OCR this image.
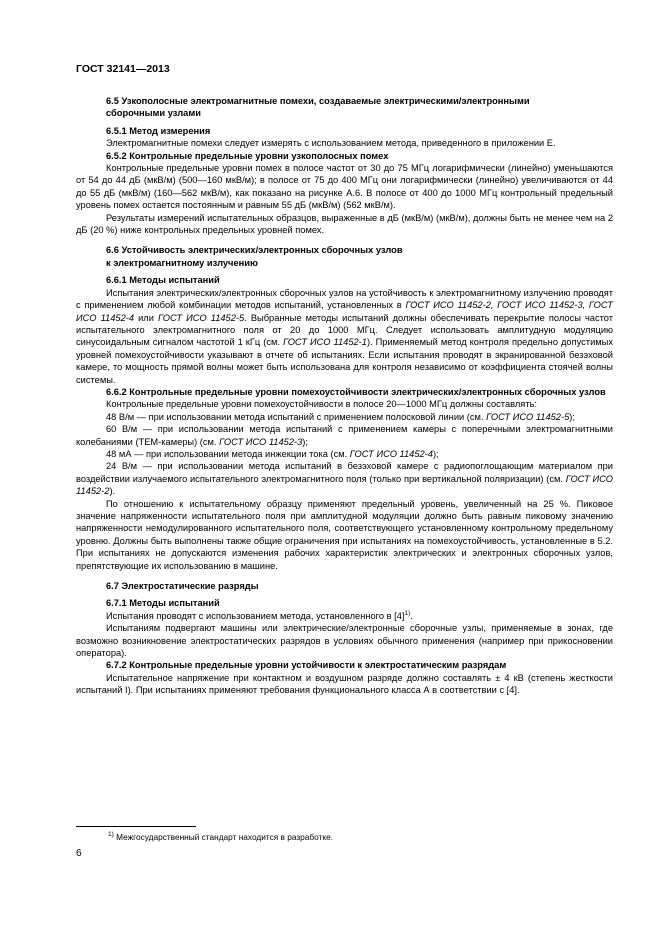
ГОСТ 32141—2013
6.5 Узкополосные электромагнитные помехи, создаваемые электрическими/электронными
сборочными узлами
6.5.1 Метод измерения

Электромагнитные помехи следует измерять с использованием метода, приведенного в приложении Е.

6.5.2 Контрольные предельные уровни узкополосных помех

Контрольные предельные уровни помех в полосе частот от 30 до 75 МГц логарифмически (линейно) уменьшаются от 54 до 44 дБ (мкВ/м) (500—160 мкВ/м); в полосе от 75 до 400 МГц они логарифмически (линейно) увеличиваются от 44 до 55 дБ (мкВ/м) (160—562 мкВ/м), как показано на рисунке А.6. В полосе от 400 до 1000 МГц контрольный предельный уровень помех остается постоянным и равным 55 дБ (мкВ/м) (562 мкВ/м).

Результаты измерений испытательных образцов, выраженные в дБ (мкВ/м) (мкВ/м), должны быть не менее чем на 2 дБ (20 %) ниже контрольных предельных уровней помех.

6.6 Устойчивость электрических/электронных сборочных узлов
к электромагнитному излучению
6.6.1 Методы испытаний

Испытания электрических/электронных сборочных узлов на устойчивость к электромагнитному излучению проводят с применением любой комбинации методов испытаний, установленных в ГОСТ ИСО 11452-2, ГОСТ ИСО 11452-3, ГОСТ ИСО 11452-4 или ГОСТ ИСО 11452-5. Выбранные методы испытаний должны обеспечивать перекрытие полосы частот испытательного электромагнитного поля от 20 до 1000 МГц. Следует использовать амплитудную модуляцию синусоидальным сигналом частотой 1 кГц (см. ГОСТ ИСО 11452-1). Применяемый метод контроля предельно допустимых уровней помехоустойчивости указывают в отчете об испытаниях. Если испытания проводят в экранированной безэховой камере, то мощность прямой волны может быть использована для контроля независимо от коэффициента стоячей волны системы.

6.6.2 Контрольные предельные уровни помехоустойчивости электрических/электронных сборочных узлов

Контрольные предельные уровни помехоустойчивости в полосе 20—1000 МГц должны составлять:

48 В/м — при использовании метода испытаний с применением полосковой линии (см. ГОСТ ИСО 11452-5);

60 В/м — при использовании метода испытаний с применением камеры с поперечными электромагнитными колебаниями (ТЕМ-камеры) (см. ГОСТ ИСО 11452-3);

48 мА — при использовании метода инжекции тока (см. ГОСТ ИСО 11452-4);

24 В/м — при использовании метода испытаний в безэховой камере с радиопоглощающим материалом при воздействии излучаемого испытательного электромагнитного поля (только при вертикальной поляризации) (см. ГОСТ ИСО 11452-2).

По отношению к испытательному образцу применяют предельный уровень, увеличенный на 25 %. Пиковое значение напряженности испытательного поля при амплитудной модуляции должно быть равным пиковому значению напряженности немодулированного испытательного поля, соответствующего установленному контрольному предельному уровню. Должны быть выполнены также общие ограничения при испытаниях на помехоустойчивость, установленные в 5.2. При испытаниях не допускаются изменения рабочих характеристик электрических и электронных сборочных узлов, препятствующие их использованию в машине.

6.7 Электростатические разряды
6.7.1 Методы испытаний

Испытания проводят с использованием метода, установленного в $[4]^{1)}$.

Испытаниям подвергают машины или электрические/электронные сборочные узлы, применяемые в зонах, где возможно возникновение электростатических разрядов в условиях обычного применения (например при прикосновении оператора).

6.7.2 Контрольные предельные уровни устойчивости к электростатическим разрядам

Испытательное напряжение при контактном и воздушном разряде должно составлять ± 4 кВ (степень жесткости испытаний I). При испытаниях применяют требования функционального класса А в соответствии с [4].

$^{1)}$ Межгосударственный стандарт находится в разработке.
6
